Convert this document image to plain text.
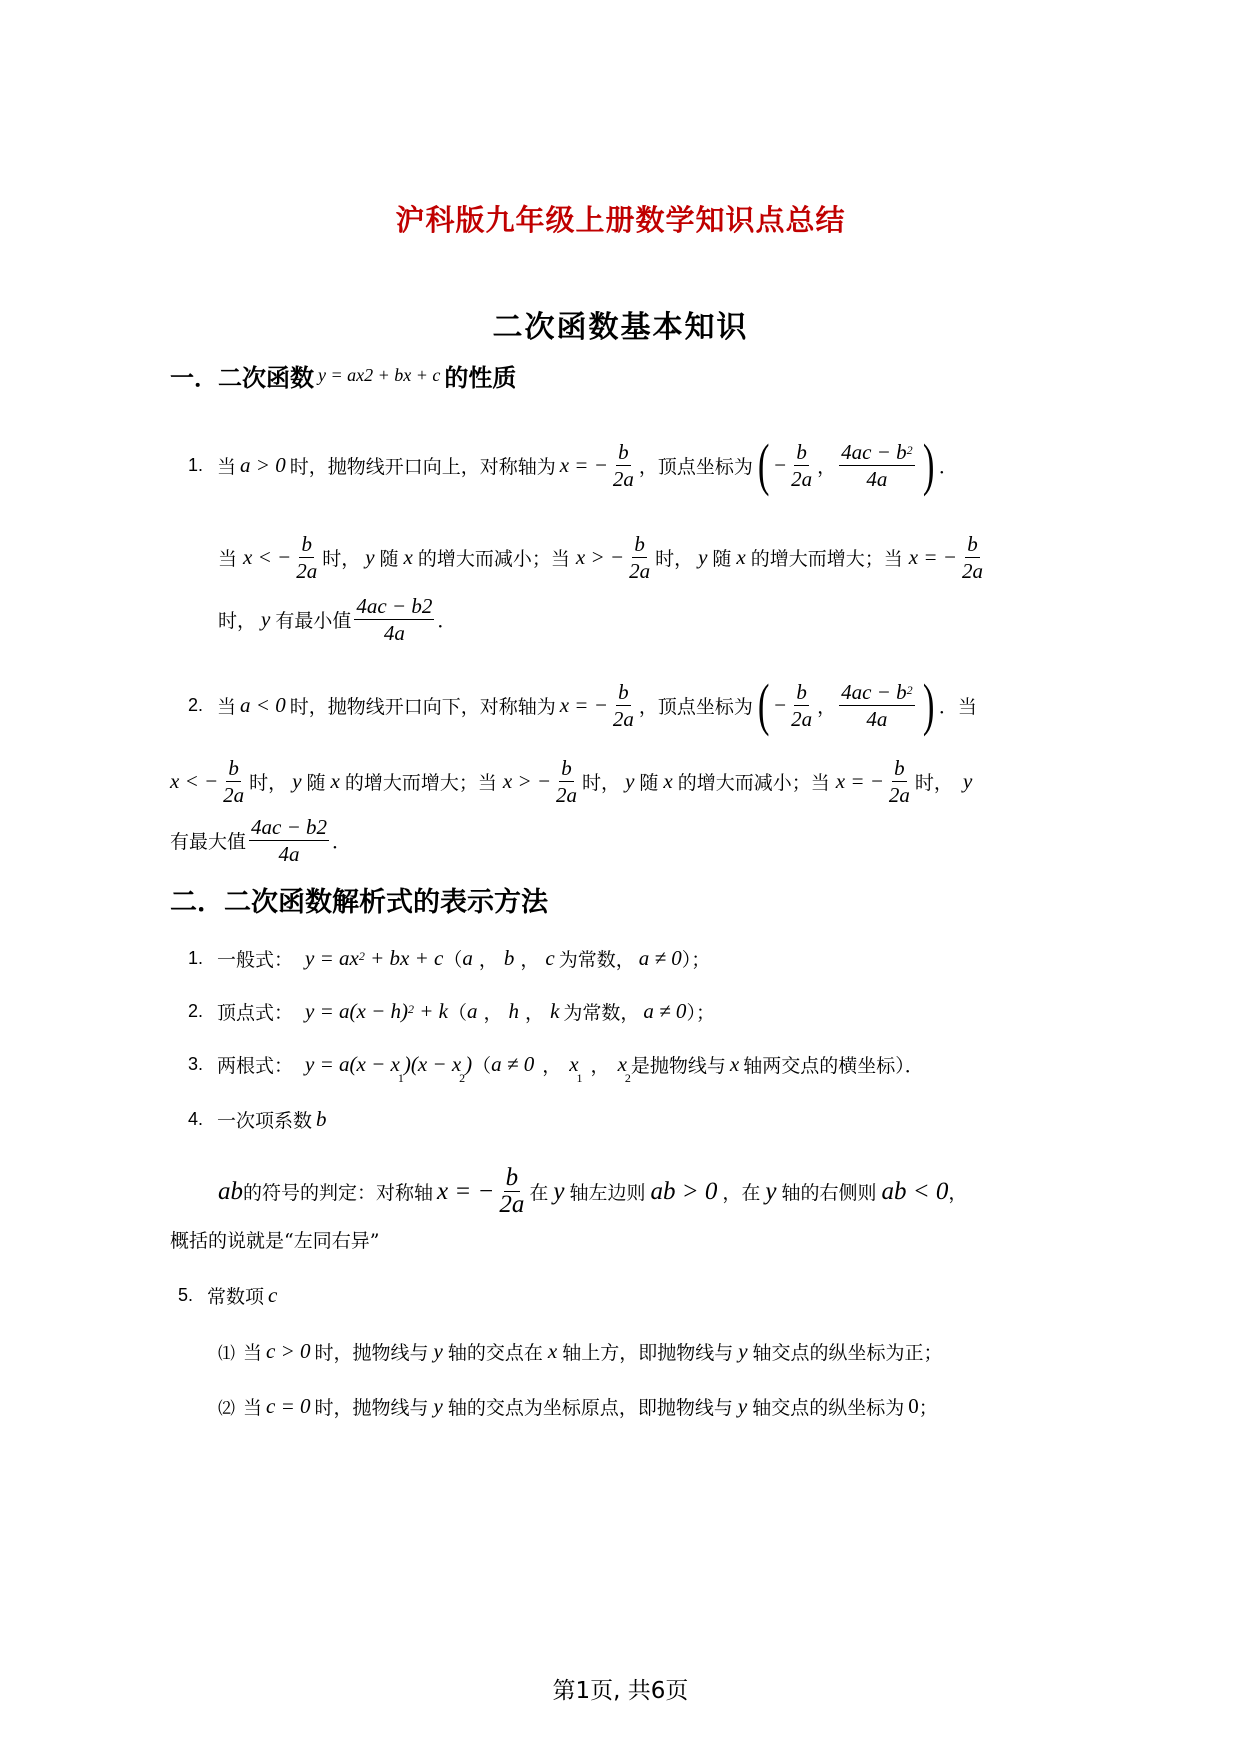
沪科版九年级上册数学知识点总结
二次函数基本知识
一．二次函数 y = ax2 + bx + c 的性质
1. 当 a > 0 时，抛物线开口向上，对称轴为 x = − $\frac{b}{2a}$ ，顶点坐标为 ( − $\frac{b}{2a}$ ， $\frac{4ac - b^2}{4a}$ ) ．
当 x < − $\frac{b}{2a}$ 时， y 随 x 的增大而减小；当 x > − $\frac{b}{2a}$ 时， y 随 x 的增大而增大；当 x = − $\frac{b}{2a}$
时， y 有最小值 $\frac{4ac - b2}{4a}$ ．
2. 当 a < 0 时，抛物线开口向下，对称轴为 x = − $\frac{b}{2a}$ ，顶点坐标为 ( − $\frac{b}{2a}$ ， $\frac{4ac - b^2}{4a}$ ) ．当
x < − $\frac{b}{2a}$ 时， y 随 x 的增大而增大；当 x > − $\frac{b}{2a}$ 时， y 随 x 的增大而减小；当 x = − $\frac{b}{2a}$ 时， y
有最大值 $\frac{4ac - b2}{4a}$ ．
二．二次函数解析式的表示方法
1. 一般式： $y = ax^2$ + bx + c （ a ， b ， c 为常数， a ≠ 0 ）；
2. 顶点式： $y = a(x - h)^2 + k$ （ a ， h ， k 为常数， a ≠ 0 ）；
3. 两根式： y = a(x − x
$_1$
)(x − x
$_2$
) （ a ≠ 0 ， x
$_1$
， x
$_2$
是抛物线与 x 轴两交点的横坐标）．
4. 一次项系数 b
ab 的符号的判定：对称轴 x = − $\frac{b}{2a}$ 在 y 轴左边则 ab > 0 ，在 y 轴的右侧则 ab < 0 ，
概括的说就是“左同右异”
5. 常数项 c
⑴ 当 c > 0 时，抛物线与 y 轴的交点在 x 轴上方，即抛物线与 y 轴交点的纵坐标为正；
⑵ 当 c = 0 时，抛物线与 y 轴的交点为坐标原点，即抛物线与 y 轴交点的纵坐标为 0 ；
第1页, 共6页
